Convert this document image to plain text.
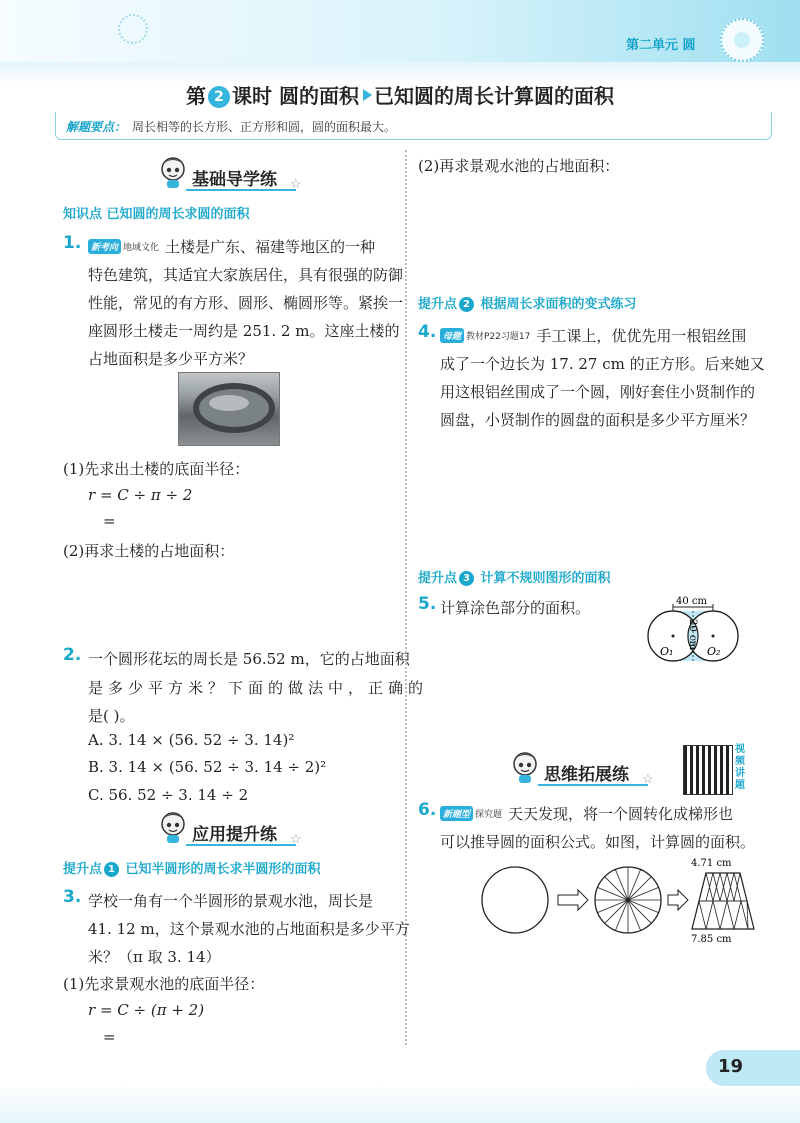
第二单元 圆
第 2 课时 圆的面积 已知圆的周长计算圆的面积
解题要点： 周长相等的长方形、正方形和圆，圆的面积最大。
基础导学练 ☆
知识点 已知圆的周长求圆的面积
1.	新考向 地域文化 土楼是广东、福建等地区的一种
特色建筑，其适宜大家族居住，具有很强的防御
性能，常见的有方形、圆形、椭圆形等。紧挨一
座圆形土楼走一周约是 251. 2 m。这座土楼的
占地面积是多少平方米？
(1)先求出土楼的底面半径：
r = C ÷ π ÷ 2
=
(2)再求土楼的占地面积：
2. 一个圆形花坛的周长是 56.52 m，它的占地面积
是多少平方米？下面的做法中，正确的
是( )。
A. 3. 14 × (56. 52 ÷ 3. 14)²
B. 3. 14 × (56. 52 ÷ 3. 14 ÷ 2)²
C. 56. 52 ÷ 3. 14 ÷ 2
应用提升练 ☆
提升点 1 已知半圆形的周长求半圆形的面积
3. 学校一角有一个半圆形的景观水池，周长是
41. 12 m，这个景观水池的占地面积是多少平方
米？（π 取 3. 14）
(1)先求景观水池的底面半径：
r = C ÷ (π + 2)
=
(2)再求景观水池的占地面积：
提升点 2 根据周长求面积的变式练习
4. 母题 教材P22习题17 手工课上，优优先用一根铝丝围
成了一个边长为 17. 27 cm 的正方形。后来她又
用这根铝丝围成了一个圆，刚好套住小贤制作的
圆盘，小贤制作的圆盘的面积是多少平方厘米？
提升点 3 计算不规则图形的面积
5. 计算涂色部分的面积。	40 cm
20 cm
O₁	O₂
视频讲题
思维拓展练 ☆
6. 新题型 探究题 天天发现，将一个圆转化成梯形也
可以推导圆的面积公式。如图，计算圆的面积。
4.71 cm
7.85 cm
19
